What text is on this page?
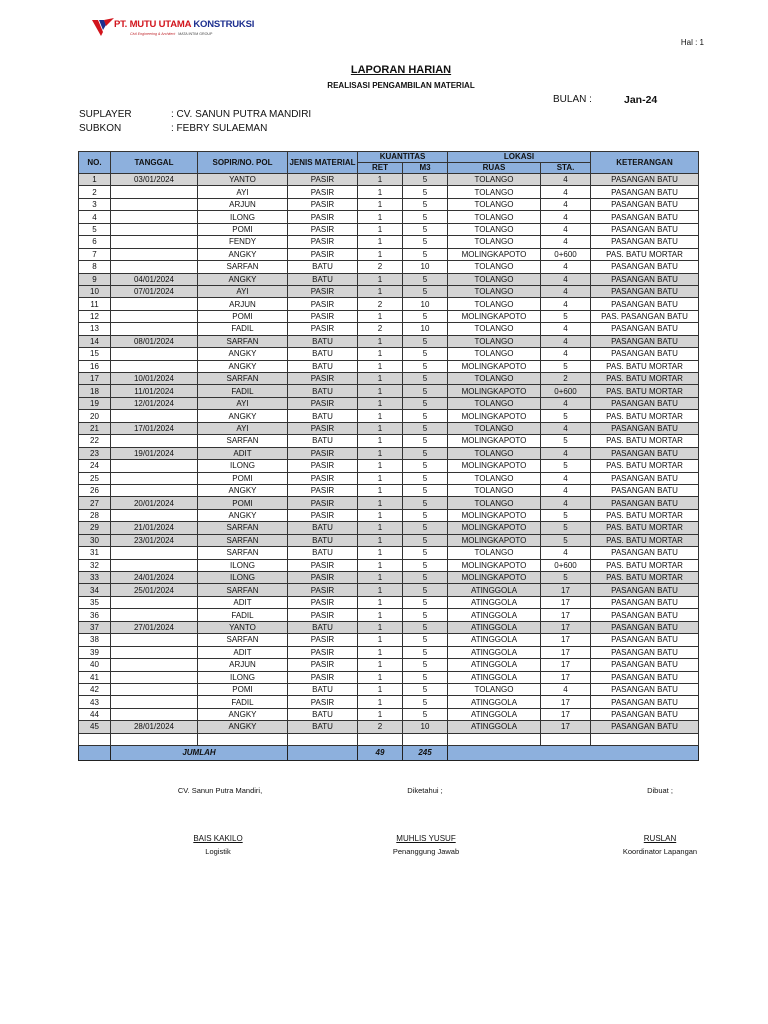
PT. MUTU UTAMA KONSTRUKSI
Civil Engineering & Architect MATA INTIM GROUP
Hal : 1
LAPORAN HARIAN
REALISASI PENGAMBILAN MATERIAL
BULAN :	Jan-24
SUPLAYER	: CV. SANUN PUTRA MANDIRI
SUBKON	: FEBRY SULAEMAN
NO.	TANGGAL	SOPIR/NO. POL	JENIS MATERIAL	KUANTITAS		LOKASI		KETERANGAN
				RET	M3	RUAS	STA.	
1	03/01/2024	YANTO	PASIR	1	5	TOLANGO	4	PASANGAN BATU
2		AYI	PASIR	1	5	TOLANGO	4	PASANGAN BATU
3		ARJUN	PASIR	1	5	TOLANGO	4	PASANGAN BATU
4		ILONG	PASIR	1	5	TOLANGO	4	PASANGAN BATU
5		POMI	PASIR	1	5	TOLANGO	4	PASANGAN BATU
6		FENDY	PASIR	1	5	TOLANGO	4	PASANGAN BATU
7		ANGKY	PASIR	1	5	MOLINGKAPOTO	0+600	PAS. BATU MORTAR
8		SARFAN	BATU	2	10	TOLANGO	4	PASANGAN BATU
9	04/01/2024	ANGKY	BATU	1	5	TOLANGO	4	PASANGAN BATU
10	07/01/2024	AYI	PASIR	1	5	TOLANGO	4	PASANGAN BATU
11		ARJUN	PASIR	2	10	TOLANGO	4	PASANGAN BATU
12		POMI	PASIR	1	5	MOLINGKAPOTO	5	PAS. PASANGAN BATU
13		FADIL	PASIR	2	10	TOLANGO	4	PASANGAN BATU
14	08/01/2024	SARFAN	BATU	1	5	TOLANGO	4	PASANGAN BATU
15		ANGKY	BATU	1	5	TOLANGO	4	PASANGAN BATU
16		ANGKY	BATU	1	5	MOLINGKAPOTO	5	PAS. BATU MORTAR
17	10/01/2024	SARFAN	PASIR	1	5	TOLANGO	2	PAS. BATU MORTAR
18	11/01/2024	FADIL	BATU	1	5	MOLINGKAPOTO	0+600	PAS. BATU MORTAR
19	12/01/2024	AYI	PASIR	1	5	TOLANGO	4	PASANGAN BATU
20		ANGKY	BATU	1	5	MOLINGKAPOTO	5	PAS. BATU MORTAR
21	17/01/2024	AYI	PASIR	1	5	TOLANGO	4	PASANGAN BATU
22		SARFAN	BATU	1	5	MOLINGKAPOTO	5	PAS. BATU MORTAR
23	19/01/2024	ADIT	PASIR	1	5	TOLANGO	4	PASANGAN BATU
24		ILONG	PASIR	1	5	MOLINGKAPOTO	5	PAS. BATU MORTAR
25		POMI	PASIR	1	5	TOLANGO	4	PASANGAN BATU
26		ANGKY	PASIR	1	5	TOLANGO	4	PASANGAN BATU
27	20/01/2024	POMI	PASIR	1	5	TOLANGO	4	PASANGAN BATU
28		ANGKY	PASIR	1	5	MOLINGKAPOTO	5	PAS. BATU MORTAR
29	21/01/2024	SARFAN	BATU	1	5	MOLINGKAPOTO	5	PAS. BATU MORTAR
30	23/01/2024	SARFAN	BATU	1	5	MOLINGKAPOTO	5	PAS. BATU MORTAR
31		SARFAN	BATU	1	5	TOLANGO	4	PASANGAN BATU
32		ILONG	PASIR	1	5	MOLINGKAPOTO	0+600	PAS. BATU MORTAR
33	24/01/2024	ILONG	PASIR	1	5	MOLINGKAPOTO	5	PAS. BATU MORTAR
34	25/01/2024	SARFAN	PASIR	1	5	ATINGGOLA	17	PASANGAN BATU
35		ADIT	PASIR	1	5	ATINGGOLA	17	PASANGAN BATU
36		FADIL	PASIR	1	5	ATINGGOLA	17	PASANGAN BATU
37	27/01/2024	YANTO	BATU	1	5	ATINGGOLA	17	PASANGAN BATU
38		SARFAN	PASIR	1	5	ATINGGOLA	17	PASANGAN BATU
39		ADIT	PASIR	1	5	ATINGGOLA	17	PASANGAN BATU
40		ARJUN	PASIR	1	5	ATINGGOLA	17	PASANGAN BATU
41		ILONG	PASIR	1	5	ATINGGOLA	17	PASANGAN BATU
42		POMI	BATU	1	5	TOLANGO	4	PASANGAN BATU
43		FADIL	PASIR	1	5	ATINGGOLA	17	PASANGAN BATU
44		ANGKY	BATU	1	5	ATINGGOLA	17	PASANGAN BATU
45	28/01/2024	ANGKY	BATU	2	10	ATINGGOLA	17	PASANGAN BATU

	JUMLAH			49	245			
CV. Sanun Putra Mandiri,	Diketahui ;	Dibuat ;
BAIS KAKILO	MUHLIS YUSUF	RUSLAN
Logistik	Penanggung Jawab	Koordinator Lapangan
